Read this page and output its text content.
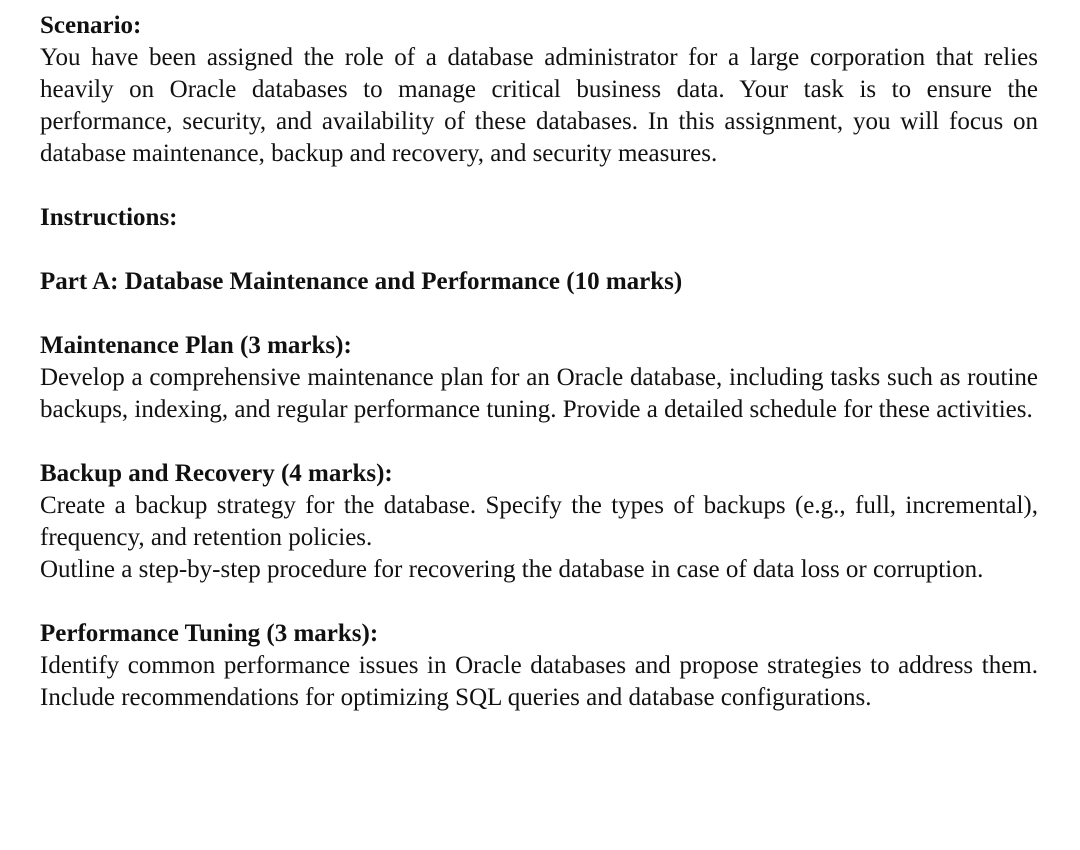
Scenario:

You have been assigned the role of a database administrator for a large corporation that relies heavily on Oracle databases to manage critical business data. Your task is to ensure the performance, security, and availability of these databases. In this assignment, you will focus on database maintenance, backup and recovery, and security measures.

Instructions:

Part A: Database Maintenance and Performance (10 marks)

Maintenance Plan (3 marks):

Develop a comprehensive maintenance plan for an Oracle database, including tasks such as routine backups, indexing, and regular performance tuning. Provide a detailed schedule for these activities.

Backup and Recovery (4 marks):

Create a backup strategy for the database. Specify the types of backups (e.g., full, incremental), frequency, and retention policies.

Outline a step-by-step procedure for recovering the database in case of data loss or corruption.

Performance Tuning (3 marks):

Identify common performance issues in Oracle databases and propose strategies to address them. Include recommendations for optimizing SQL queries and database configurations.
